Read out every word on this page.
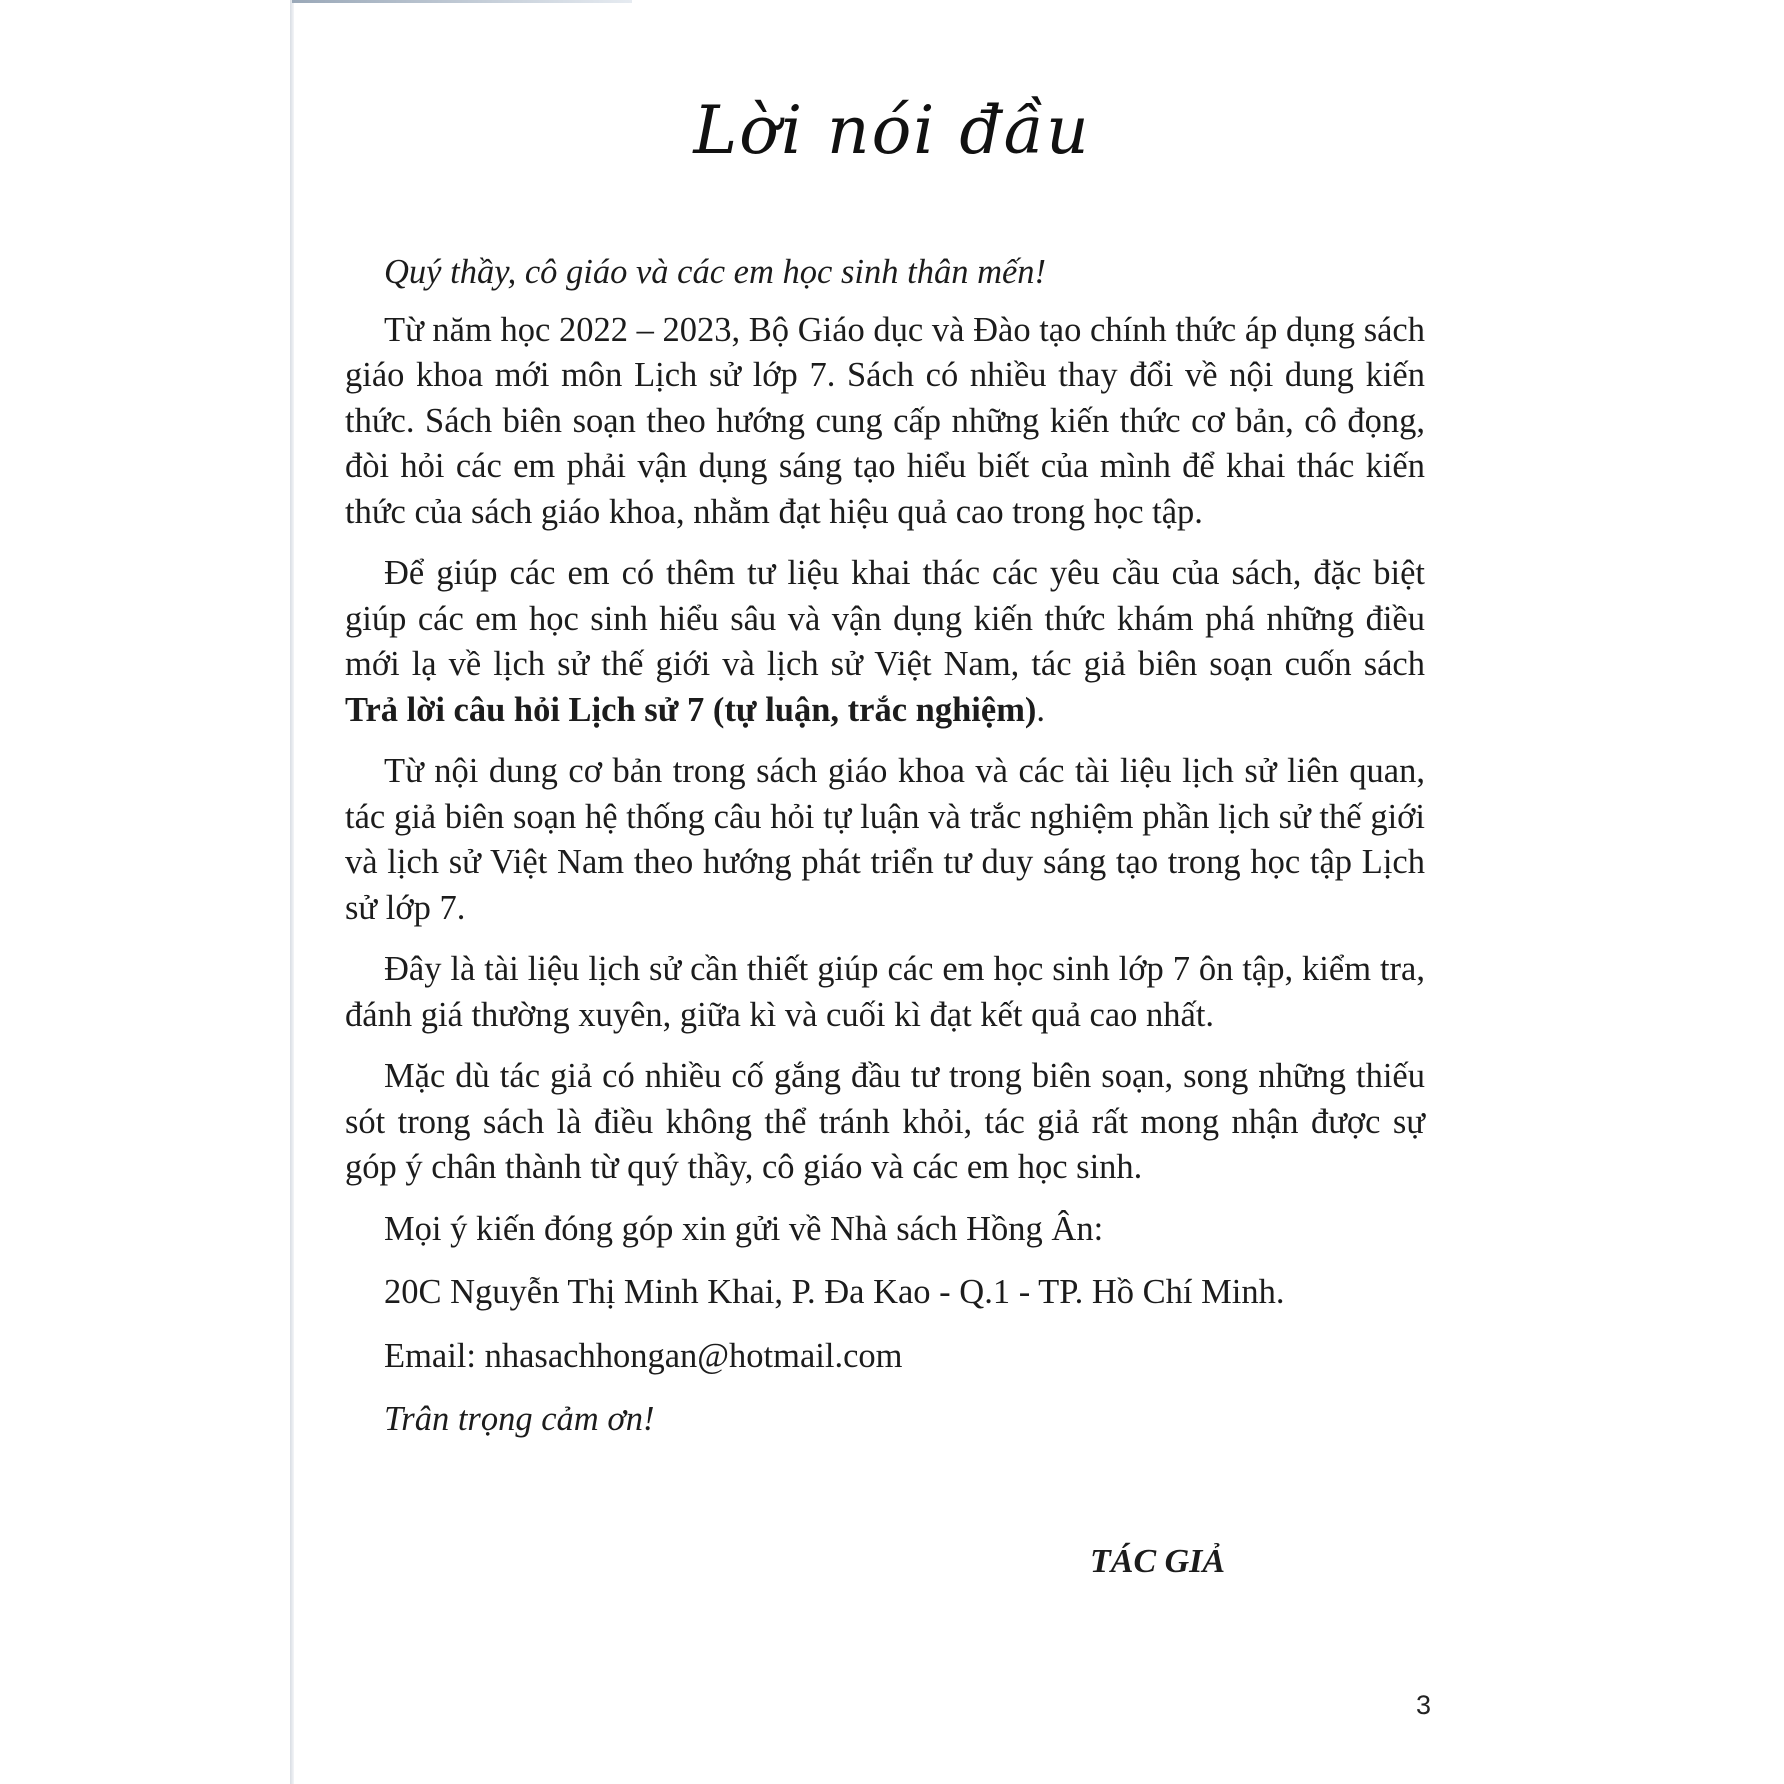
Lời nói đầu

Quý thầy, cô giáo và các em học sinh thân mến!

Từ năm học 2022 – 2023, Bộ Giáo dục và Đào tạo chính thức áp dụng sách giáo khoa mới môn Lịch sử lớp 7. Sách có nhiều thay đổi về nội dung kiến thức. Sách biên soạn theo hướng cung cấp những kiến thức cơ bản, cô đọng, đòi hỏi các em phải vận dụng sáng tạo hiểu biết của mình để khai thác kiến thức của sách giáo khoa, nhằm đạt hiệu quả cao trong học tập.

Để giúp các em có thêm tư liệu khai thác các yêu cầu của sách, đặc biệt giúp các em học sinh hiểu sâu và vận dụng kiến thức khám phá những điều mới lạ về lịch sử thế giới và lịch sử Việt Nam, tác giả biên soạn cuốn sách Trả lời câu hỏi Lịch sử 7 (tự luận, trắc nghiệm).

Từ nội dung cơ bản trong sách giáo khoa và các tài liệu lịch sử liên quan, tác giả biên soạn hệ thống câu hỏi tự luận và trắc nghiệm phần lịch sử thế giới và lịch sử Việt Nam theo hướng phát triển tư duy sáng tạo trong học tập Lịch sử lớp 7.

Đây là tài liệu lịch sử cần thiết giúp các em học sinh lớp 7 ôn tập, kiểm tra, đánh giá thường xuyên, giữa kì và cuối kì đạt kết quả cao nhất.

Mặc dù tác giả có nhiều cố gắng đầu tư trong biên soạn, song những thiếu sót trong sách là điều không thể tránh khỏi, tác giả rất mong nhận được sự góp ý chân thành từ quý thầy, cô giáo và các em học sinh.

Mọi ý kiến đóng góp xin gửi về Nhà sách Hồng Ân:

20C Nguyễn Thị Minh Khai, P. Đa Kao - Q.1 - TP. Hồ Chí Minh.

Email: nhasachhongan@hotmail.com

Trân trọng cảm ơn!

TÁC GIẢ
3
